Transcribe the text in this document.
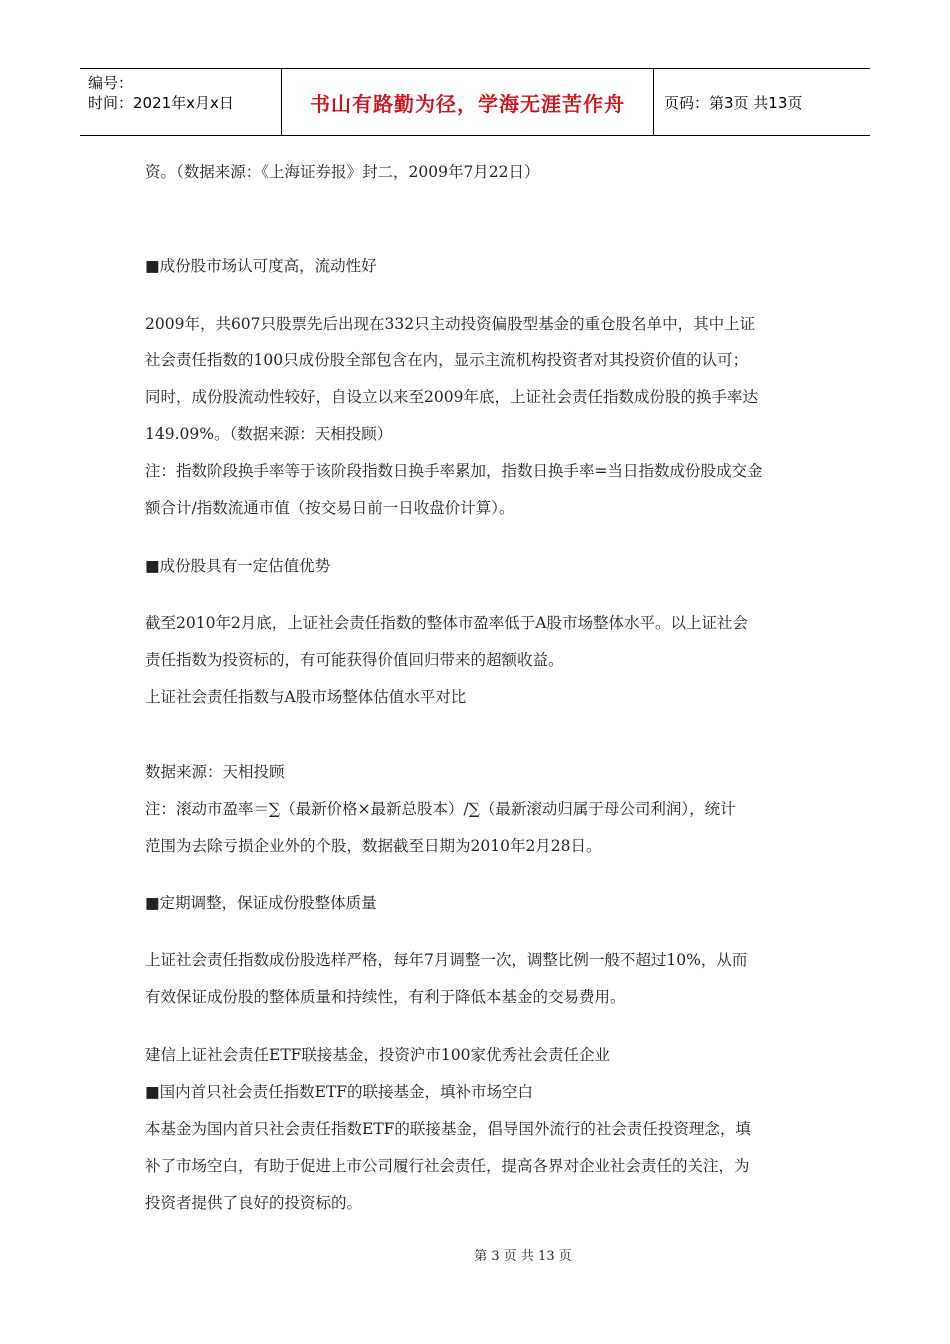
编号：
时间：2021年x月x日	书山有路勤为径，学海无涯苦作舟	页码：第3页 共13页
资。（数据来源：《上海证券报》封二，2009年7月22日）
■成份股市场认可度高，流动性好
2009年，共607只股票先后出现在332只主动投资偏股型基金的重仓股名单中，其中上证
社会责任指数的100只成份股全部包含在内，显示主流机构投资者对其投资价值的认可；
同时，成份股流动性较好，自设立以来至2009年底，上证社会责任指数成份股的换手率达
149.09%。（数据来源：天相投顾）
注：指数阶段换手率等于该阶段指数日换手率累加，指数日换手率=当日指数成份股成交金
额合计/指数流通市值（按交易日前一日收盘价计算）。
■成份股具有一定估值优势
截至2010年2月底，上证社会责任指数的整体市盈率低于A股市场整体水平。以上证社会
责任指数为投资标的，有可能获得价值回归带来的超额收益。
上证社会责任指数与A股市场整体估值水平对比
数据来源：天相投顾
注：滚动市盈率＝∑（最新价格×最新总股本）/∑（最新滚动归属于母公司利润），统计
范围为去除亏损企业外的个股，数据截至日期为2010年2月28日。
■定期调整，保证成份股整体质量
上证社会责任指数成份股选样严格，每年7月调整一次，调整比例一般不超过10%，从而
有效保证成份股的整体质量和持续性，有利于降低本基金的交易费用。
建信上证社会责任ETF联接基金，投资沪市100家优秀社会责任企业
■国内首只社会责任指数ETF的联接基金，填补市场空白
本基金为国内首只社会责任指数ETF的联接基金，倡导国外流行的社会责任投资理念，填
补了市场空白，有助于促进上市公司履行社会责任，提高各界对企业社会责任的关注，为
投资者提供了良好的投资标的。
第 3 页 共 13 页
